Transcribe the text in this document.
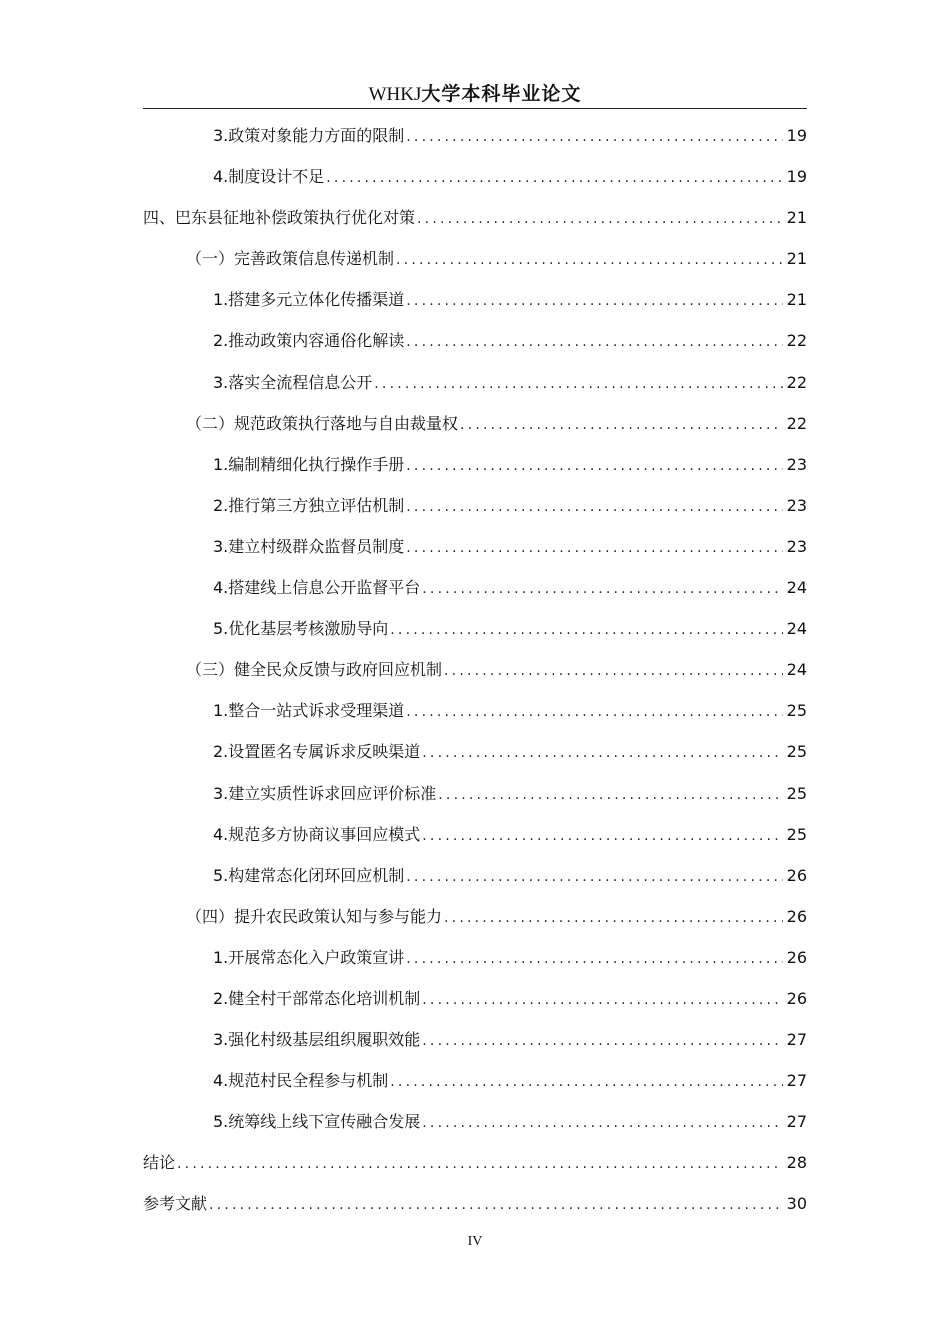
WHKJ大学本科毕业论文
3.政策对象能力方面的限制 .....	19
4.制度设计不足 .....	19
四、巴东县征地补偿政策执行优化对策 .....	21
（一）完善政策信息传递机制 .....	21
1.搭建多元立体化传播渠道 .....	21
2.推动政策内容通俗化解读 .....	22
3.落实全流程信息公开 .....	22
（二）规范政策执行落地与自由裁量权 .....	22
1.编制精细化执行操作手册 .....	23
2.推行第三方独立评估机制 .....	23
3.建立村级群众监督员制度 .....	23
4.搭建线上信息公开监督平台 .....	24
5.优化基层考核激励导向 .....	24
（三）健全民众反馈与政府回应机制 .....	24
1.整合一站式诉求受理渠道 .....	25
2.设置匿名专属诉求反映渠道 .....	25
3.建立实质性诉求回应评价标准 .....	25
4.规范多方协商议事回应模式 .....	25
5.构建常态化闭环回应机制 .....	26
（四）提升农民政策认知与参与能力 .....	26
1.开展常态化入户政策宣讲 .....	26
2.健全村干部常态化培训机制 .....	26
3.强化村级基层组织履职效能 .....	27
4.规范村民全程参与机制 .....	27
5.统筹线上线下宣传融合发展 .....	27
结论 .....	28
参考文献 .....	30
IV
